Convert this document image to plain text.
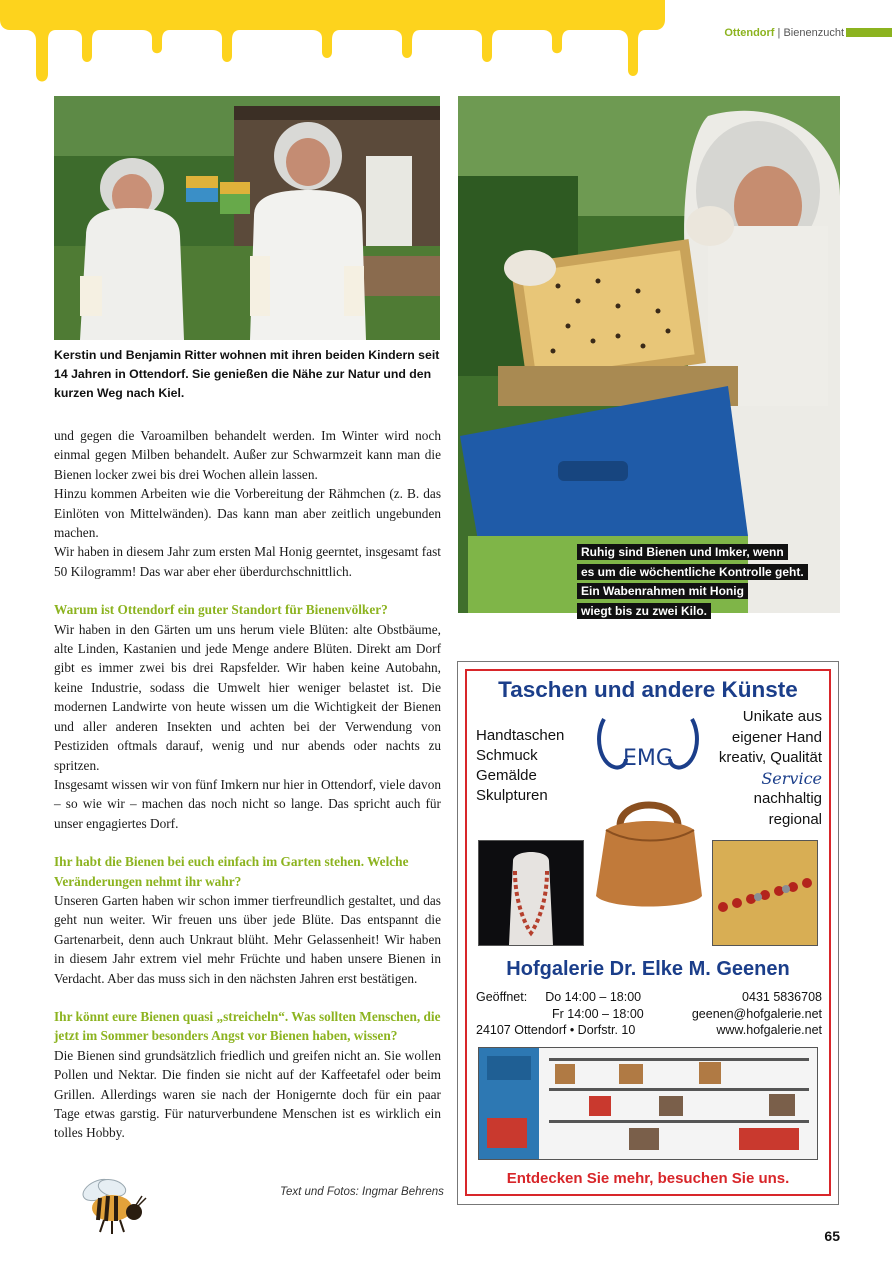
Ottendorf | Bienenzucht
Kerstin und Benjamin Ritter wohnen mit ihren beiden Kindern seit 14 Jahren in Ottendorf. Sie genießen die Nähe zur Natur und den kurzen Weg nach Kiel.

und gegen die Varoamilben behandelt werden. Im Winter wird noch einmal gegen Milben behandelt. Außer zur Schwarmzeit kann man die Bienen locker zwei bis drei Wochen allein lassen.

Hinzu kommen Arbeiten wie die Vorbereitung der Rähmchen (z. B. das Einlöten von Mittelwänden). Das kann man aber zeitlich ungebunden machen.

Wir haben in diesem Jahr zum ersten Mal Honig geerntet, insgesamt fast 50 Kilogramm! Das war aber eher überdurchschnittlich.

Warum ist Ottendorf ein guter Standort für Bienenvölker?

Wir haben in den Gärten um uns herum viele Blüten: alte Obstbäume, alte Linden, Kastanien und jede Menge andere Blüten. Direkt am Dorf gibt es immer zwei bis drei Rapsfelder. Wir haben keine Autobahn, keine Industrie, sodass die Umwelt hier weniger belastet ist. Die modernen Landwirte von heute wissen um die Wichtigkeit der Bienen und aller anderen Insekten und achten bei der Verwendung von Pestiziden oftmals darauf, wenig und nur abends oder nachts zu spritzen.

Insgesamt wissen wir von fünf Imkern nur hier in Ottendorf, viele davon – so wie wir – machen das noch nicht so lange. Das spricht auch für unser engagiertes Dorf.

Ihr habt die Bienen bei euch einfach im Garten stehen. Welche Veränderungen nehmt ihr wahr?

Unseren Garten haben wir schon immer tierfreundlich gestaltet, und das geht nun weiter. Wir freuen uns über jede Blüte. Das entspannt die Gartenarbeit, denn auch Unkraut blüht. Mehr Gelassenheit! Wir haben in diesem Jahr extrem viel mehr Früchte und haben unsere Bienen in Verdacht. Aber das muss sich in den nächsten Jahren erst bestätigen.

Ihr könnt eure Bienen quasi „streicheln“. Was sollten Menschen, die jetzt im Sommer besonders Angst vor Bienen haben, wissen?

Die Bienen sind grundsätzlich friedlich und greifen nicht an. Sie wollen Pollen und Nektar. Die finden sie nicht auf der Kaffeetafel oder beim Grillen. Allerdings waren sie nach der Honigernte doch für ein paar Tage etwas garstig. Für naturverbundene Menschen ist es wirklich ein tolles Hobby.

Text und Fotos: Ingmar Behrens
Ruhig sind Bienen und Imker, wenn
es um die wöchentliche Kontrolle geht.
Ein Wabenrahmen mit Honig
wiegt bis zu zwei Kilo.
Taschen und andere Künste
Handtaschen
Schmuck
Gemälde
Skulpturen
EMG
Unikate aus
eigener Hand
kreativ, Qualität
Service
nachhaltig
regional
Hofgalerie Dr. Elke M. Geenen
Geöffnet: Do 14:00 – 18:00
Fr 14:00 – 18:00
24107 Ottendorf • Dorfstr. 10
0431 5836708
geenen@hofgalerie.net
www.hofgalerie.net
Entdecken Sie mehr, besuchen Sie uns.
65
